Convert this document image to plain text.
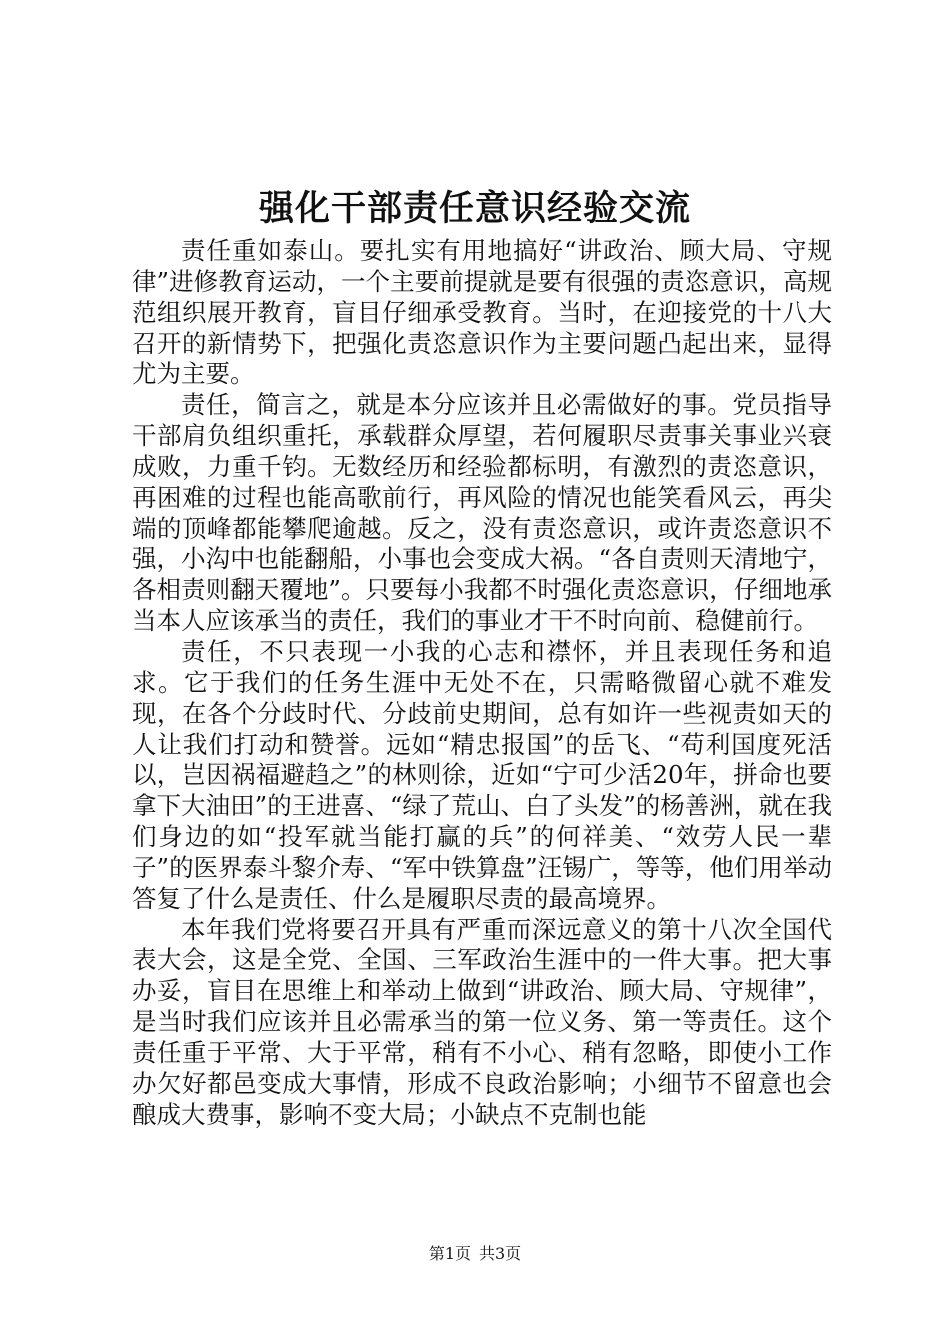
强化干部责任意识经验交流

责任重如泰山。要扎实有用地搞好“讲政治、顾大局、守规律”进修教育运动，一个主要前提就是要有很强的责恣意识，高规范组织展开教育，盲目仔细承受教育。当时，在迎接党的十八大召开的新情势下，把强化责恣意识作为主要问题凸起出来，显得尤为主要。

责任，简言之，就是本分应该并且必需做好的事。党员指导干部肩负组织重托，承载群众厚望，若何履职尽责事关事业兴衰成败，力重千钧。无数经历和经验都标明，有激烈的责恣意识，再困难的过程也能高歌前行，再风险的情况也能笑看风云，再尖端的顶峰都能攀爬逾越。反之，没有责恣意识，或许责恣意识不强，小沟中也能翻船，小事也会变成大祸。“各自责则天清地宁，各相责则翻天覆地”。只要每小我都不时强化责恣意识，仔细地承当本人应该承当的责任，我们的事业才干不时向前、稳健前行。

责任，不只表现一小我的心志和襟怀，并且表现任务和追求。它于我们的任务生涯中无处不在，只需略微留心就不难发现，在各个分歧时代、分歧前史期间，总有如许一些视责如天的人让我们打动和赞誉。远如“精忠报国”的岳飞、“苟利国度死活以，岂因祸福避趋之”的林则徐，近如“宁可少活20年，拼命也要拿下大油田”的王进喜、“绿了荒山、白了头发”的杨善洲，就在我们身边的如“投军就当能打赢的兵”的何祥美、“效劳人民一辈子”的医界泰斗黎介寿、“军中铁算盘”汪锡广，等等，他们用举动答复了什么是责任、什么是履职尽责的最高境界。

本年我们党将要召开具有严重而深远意义的第十八次全国代表大会，这是全党、全国、三军政治生涯中的一件大事。把大事办妥，盲目在思维上和举动上做到“讲政治、顾大局、守规律”，是当时我们应该并且必需承当的第一位义务、第一等责任。这个责任重于平常、大于平常，稍有不小心、稍有忽略，即使小工作办欠好都邑变成大事情，形成不良政治影响；小细节不留意也会酿成大费事，影响不变大局；小缺点不克制也能

第1页 共3页
